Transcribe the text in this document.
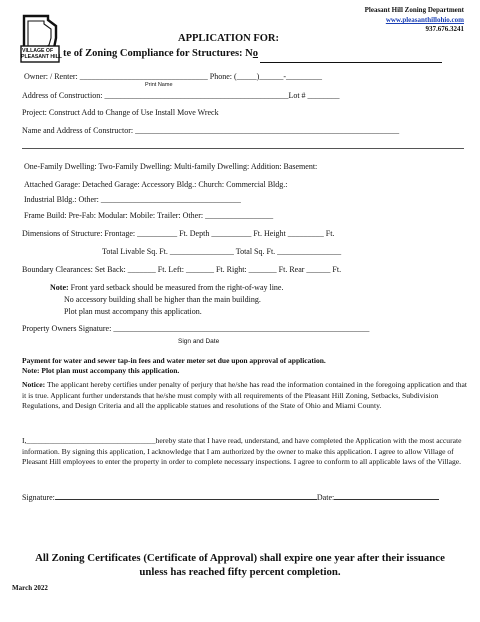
VILLAGE OF
PLEASANT HILL
Pleasant Hill Zoning Department
www.pleasanthillohio.com
937.676.3241
APPLICATION FOR:
te of Zoning Compliance for Structures: No
Owner: / Renter: ________________________________ Phone: (_____)______-_________
Print Name
Address of Construction: ______________________________________________Lot # ________
Project: Construct Add to Change of Use Install Move Wreck
Name and Address of Constructor: __________________________________________________________________
One-Family Dwelling: Two-Family Dwelling: Multi-family Dwelling: Addition: Basement:
Attached Garage: Detached Garage: Accessory Bldg.: Church: Commercial Bldg.:
Industrial Bldg.: Other: ___________________________________
Frame Build: Pre-Fab: Modular: Mobile: Trailer: Other: _________________
Dimensions of Structure: Frontage: __________ Ft. Depth __________ Ft. Height _________ Ft.
Total Livable Sq. Ft. ________________ Total Sq. Ft. ________________
Boundary Clearances: Set Back: _______ Ft. Left: _______ Ft. Right: _______ Ft. Rear ______ Ft.
Note: Front yard setback should be measured from the right-of-way line.
No accessory building shall be higher than the main building.
Plot plan must accompany this application.
Property Owners Signature: ________________________________________________________________
Sign and Date
Payment for water and sewer tap-in fees and water meter set due upon approval of application.
Note: Plot plan must accompany this application.
Notice: The applicant hereby certifies under penalty of perjury that he/she has read the information contained in the foregoing application and that it is true. Applicant further understands that he/she must comply with all requirements of the Pleasant Hill Zoning, Setbacks, Subdivision Regulations, and Design Criteria and all the applicable statues and resolutions of the State of Ohio and Miami County.
I,__________________________________hereby state that I have read, understand, and have completed the Application with the most accurate information. By signing this application, I acknowledge that I am authorized by the owner to make this application. I agree to allow Village of Pleasant Hill employees to enter the property in order to complete necessary inspections. I agree to conform to all applicable laws of the Village.
Signature:	Date:
All Zoning Certificates (Certificate of Approval) shall expire one year after their issuance unless has reached fifty percent completion.
March 2022
